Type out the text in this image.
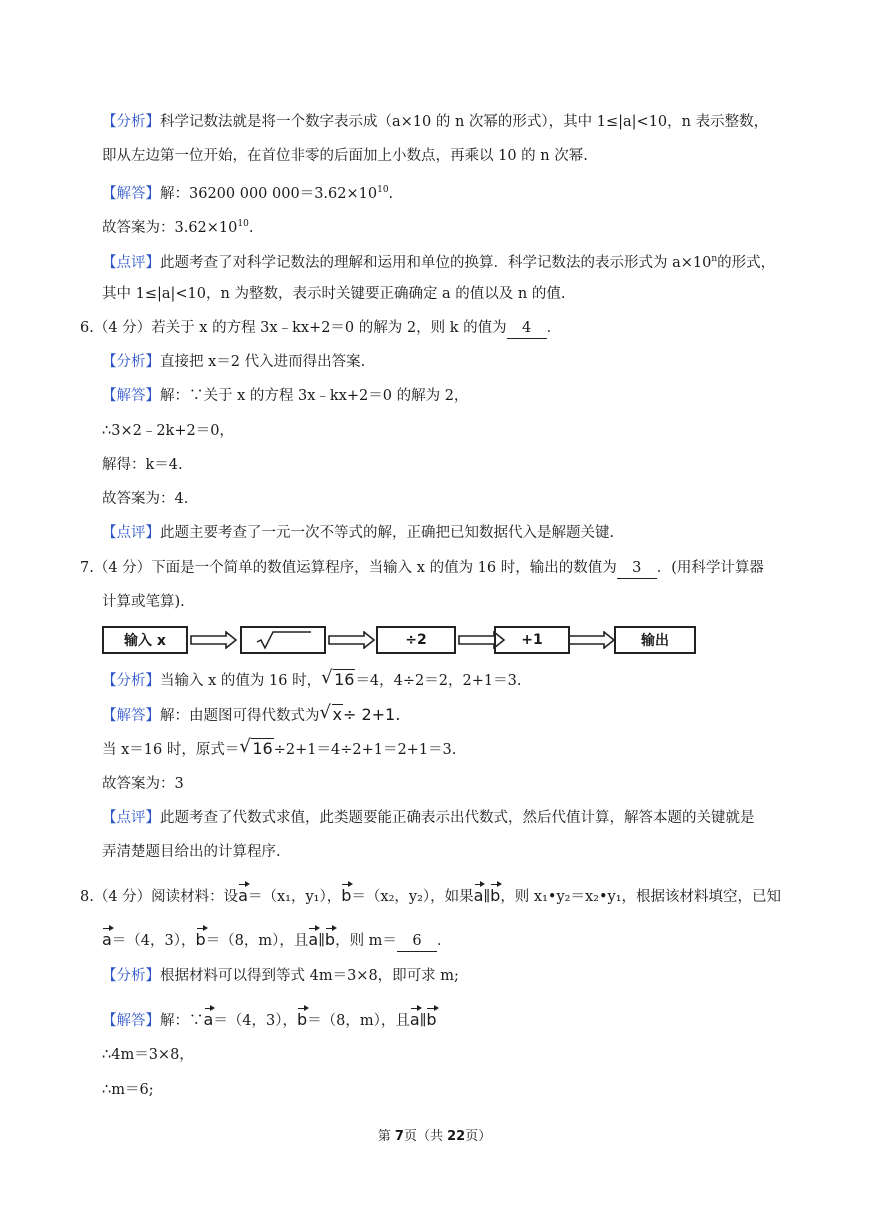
【分析】科学记数法就是将一个数字表示成（a×10 的 n 次幂的形式），其中 1≤|a|<10，n 表示整数，
即从左边第一位开始，在首位非零的后面加上小数点，再乘以 10 的 n 次幂.
【解答】解：36200 000 $000=3.62\times 10^{10}$.
故答案为：$3.62\times 10^{10}$.
【点评】此题考查了对科学记数法的理解和运用和单位的换算．科学记数法的表示形式为 $a\times 10^n$的形式，
其中 1≤|a|<10，n 为整数，表示时关键要正确确定 a 的值以及 n 的值.
6.（4 分）若关于 x 的方程 3x﹣kx+2＝0 的解为 2，则 k 的值为 4 ．
【分析】直接把 x＝2 代入进而得出答案.
【解答】解：∵关于 x 的方程 3x﹣kx+2＝0 的解为 2，
∴3×2﹣2k+2＝0，
解得：k＝4.
故答案为：4.
【点评】此题主要考查了一元一次不等式的解，正确把已知数据代入是解题关键.
7.（4 分）下面是一个简单的数值运算程序，当输入 x 的值为 16 时，输出的数值为 3 ．(用科学计算器
计算或笔算).
输入 x	÷2	+1	输出
【分析】当输入 x 的值为 16 时， √ 16＝4，4÷2＝2，2+1＝3.
【解答】解：由题图可得代数式为 √ x÷ 2+1.
当 x＝16 时，原式＝ √ 16÷2+1＝4÷2+1＝2+1＝3.
故答案为：3
【点评】此题考查了代数式求值，此类题要能正确表示出代数式，然后代值计算，解答本题的关键就是
弄清楚题目给出的计算程序.
8.（4 分）阅读材料：设a＝（x₁，y₁），b＝（x₂，y₂），如果a∥b，则 x₁•y₂＝x₂•y₁，根据该材料填空，已知
a＝（4，3），b＝（8，m），且a∥b，则 m＝ 6 ．
【分析】根据材料可以得到等式 4m＝3×8，即可求 m;
【解答】解：∵a＝（4，3），b＝（8，m），且a∥b
∴4m＝3×8，
∴m＝6;
第 7页（共 22页）
